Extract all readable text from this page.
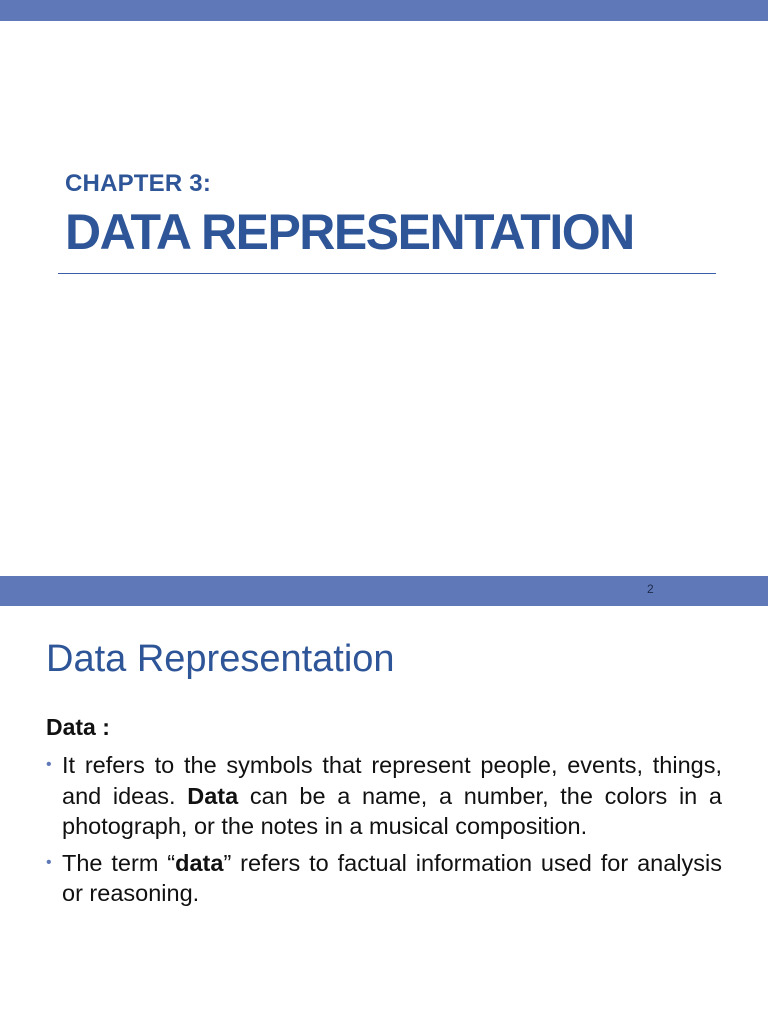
CHAPTER 3:
DATA REPRESENTATION
2
Data Representation
Data :
• It refers to the symbols that represent people, events, things, and ideas. Data can be a name, a number, the colors in a photograph, or the notes in a musical composition.
• The term “data” refers to factual information used for analysis or reasoning.
